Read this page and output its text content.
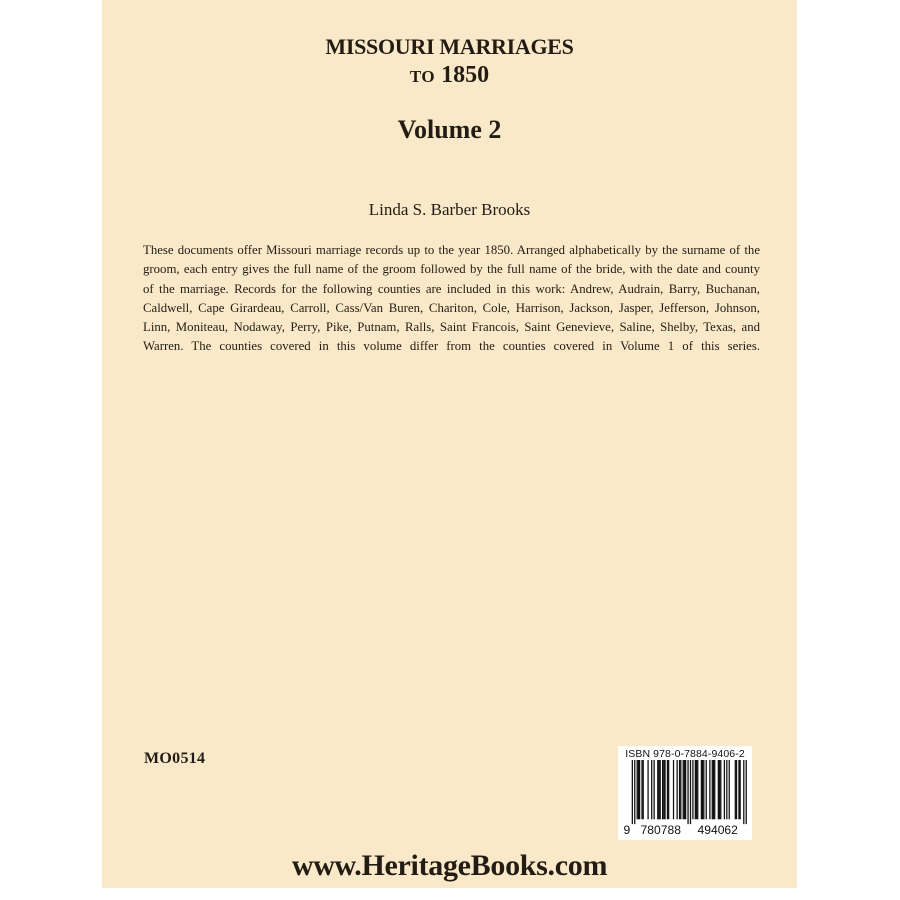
MISSOURI MARRIAGES
TO 1850
Volume 2
Linda S. Barber Brooks
These documents offer Missouri marriage records up to the year 1850. Arranged alphabetically by the surname of the groom, each entry gives the full name of the groom followed by the full name of the bride, with the date and county of the marriage. Records for the following counties are included in this work: Andrew, Audrain, Barry, Buchanan, Caldwell, Cape Girardeau, Carroll, Cass/Van Buren, Chariton, Cole, Harrison, Jackson, Jasper, Jefferson, Johnson, Linn, Moniteau, Nodaway, Perry, Pike, Putnam, Ralls, Saint Francois, Saint Genevieve, Saline, Shelby, Texas, and Warren. The counties covered in this volume differ from the counties covered in Volume 1 of this series.
MO0514	ISBN 978-0-7884-9406-2
9 780788 494062
www.HeritageBooks.com
